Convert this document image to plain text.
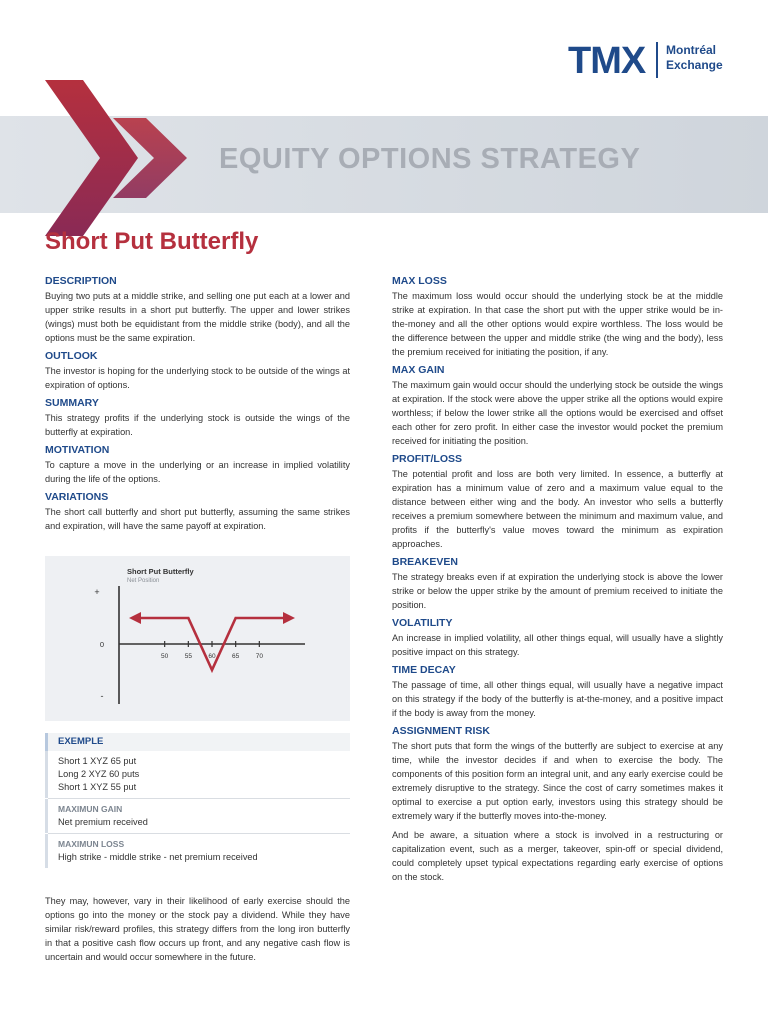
EQUITY OPTIONS STRATEGY
TMX Montréal
Exchange
Short Put Butterfly
DESCRIPTION

Buying two puts at a middle strike, and selling one put each at a lower and upper strike results in a short put butterfly. The upper and lower strikes (wings) must both be equidistant from the middle strike (body), and all the options must be the same expiration.

OUTLOOK

The investor is hoping for the underlying stock to be outside of the wings at expiration of options.

SUMMARY

This strategy profits if the underlying stock is outside the wings of the butterfly at expiration.

MOTIVATION

To capture a move in the underlying or an increase in implied volatility during the life of the options.

VARIATIONS

The short call butterfly and short put butterfly, assuming the same strikes and expiration, will have the same payoff at expiration.

Short Put Butterfly
Net Position
+
0
-
50	55	60	65	70
EXEMPLE
Short 1 XYZ 65 put
Long 2 XYZ 60 puts
Short 1 XYZ 55 put
MAXIMUN GAIN
Net premium received
MAXIMUN LOSS
High strike - middle strike - net premium received
They may, however, vary in their likelihood of early exercise should the options go into the money or the stock pay a dividend. While they have similar risk/reward profiles, this strategy differs from the long iron butterfly in that a positive cash flow occurs up front, and any negative cash flow is uncertain and would occur somewhere in the future.
MAX LOSS

The maximum loss would occur should the underlying stock be at the middle strike at expiration. In that case the short put with the upper strike would be in-the-money and all the other options would expire worthless. The loss would be the difference between the upper and middle strike (the wing and the body), less the premium received for initiating the position, if any.

MAX GAIN

The maximum gain would occur should the underlying stock be outside the wings at expiration. If the stock were above the upper strike all the options would expire worthless; if below the lower strike all the options would be exercised and offset each other for zero profit. In either case the investor would pocket the premium received for initiating the position.

PROFIT/LOSS

The potential profit and loss are both very limited. In essence, a butterfly at expiration has a minimum value of zero and a maximum value equal to the distance between either wing and the body. An investor who sells a butterfly receives a premium somewhere between the minimum and maximum value, and profits if the butterfly's value moves toward the minimum as expiration approaches.

BREAKEVEN

The strategy breaks even if at expiration the underlying stock is above the lower strike or below the upper strike by the amount of premium received to initiate the position.

VOLATILITY

An increase in implied volatility, all other things equal, will usually have a slightly positive impact on this strategy.

TIME DECAY

The passage of time, all other things equal, will usually have a negative impact on this strategy if the body of the butterfly is at-the-money, and a positive impact if the body is away from the money.

ASSIGNMENT RISK

The short puts that form the wings of the butterfly are subject to exercise at any time, while the investor decides if and when to exercise the body. The components of this position form an integral unit, and any early exercise could be extremely disruptive to the strategy. Since the cost of carry sometimes makes it optimal to exercise a put option early, investors using this strategy should be extremely wary if the butterfly moves into-the-money.

And be aware, a situation where a stock is involved in a restructuring or capitalization event, such as a merger, takeover, spin-off or special dividend, could completely upset typical expectations regarding early exercise of options on the stock.
